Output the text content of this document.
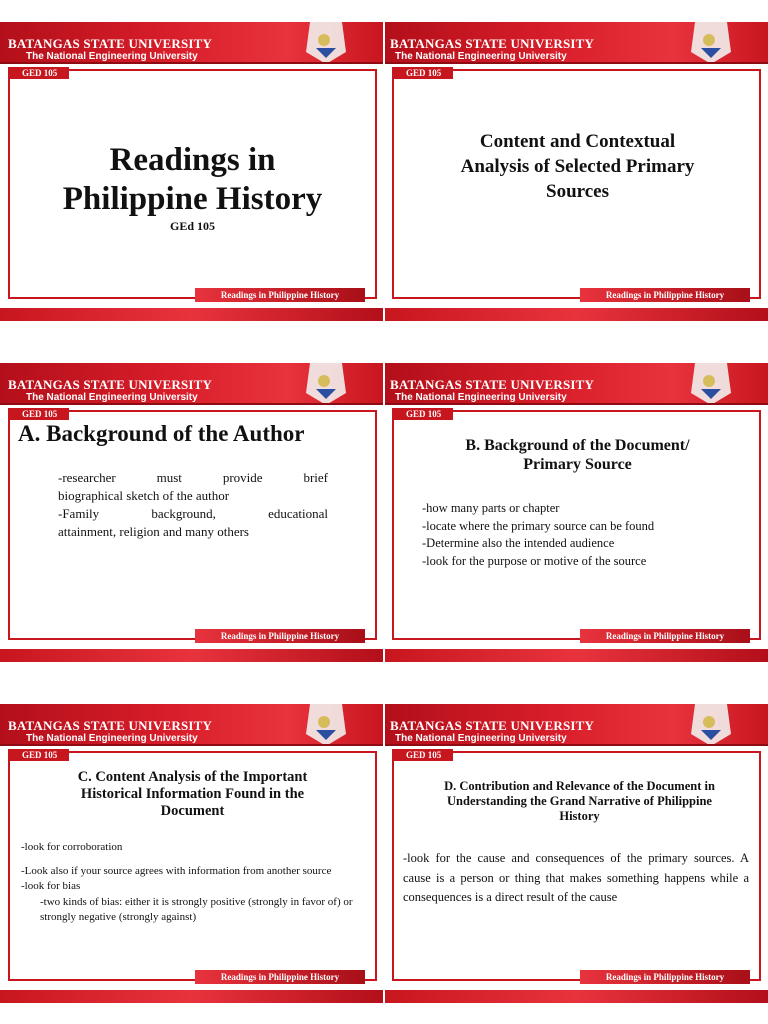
BATANGAS STATE UNIVERSITY
The National Engineering University
GED 105
Readings in
Philippine History
GEd 105
Readings in Philippine History
BATANGAS STATE UNIVERSITY
The National Engineering University
GED 105
Content and Contextual
Analysis of Selected Primary
Sources
Readings in Philippine History
BATANGAS STATE UNIVERSITY
The National Engineering University
GED 105
A. Background of the Author
-researcher must provide brief
biographical sketch of the author
-Family background, educational
attainment, religion and many others
Readings in Philippine History
BATANGAS STATE UNIVERSITY
The National Engineering University
GED 105
B. Background of the Document/
Primary Source
-how many parts or chapter
-locate where the primary source can be found
-Determine also the intended audience
-look for the purpose or motive of the source
Readings in Philippine History
BATANGAS STATE UNIVERSITY
The National Engineering University
GED 105
C. Content Analysis of the Important
Historical Information Found in the
Document
-look for corroboration
-Look also if your source agrees with information from another source
-look for bias
-two kinds of bias: either it is strongly positive (strongly in favor of) or strongly negative (strongly against)
Readings in Philippine History
BATANGAS STATE UNIVERSITY
The National Engineering University
GED 105
D. Contribution and Relevance of the Document in
Understanding the Grand Narrative of Philippine
History
-look for the cause and consequences of the primary sources. A cause is a person or thing that makes something happens while a consequences is a direct result of the cause
Readings in Philippine History
